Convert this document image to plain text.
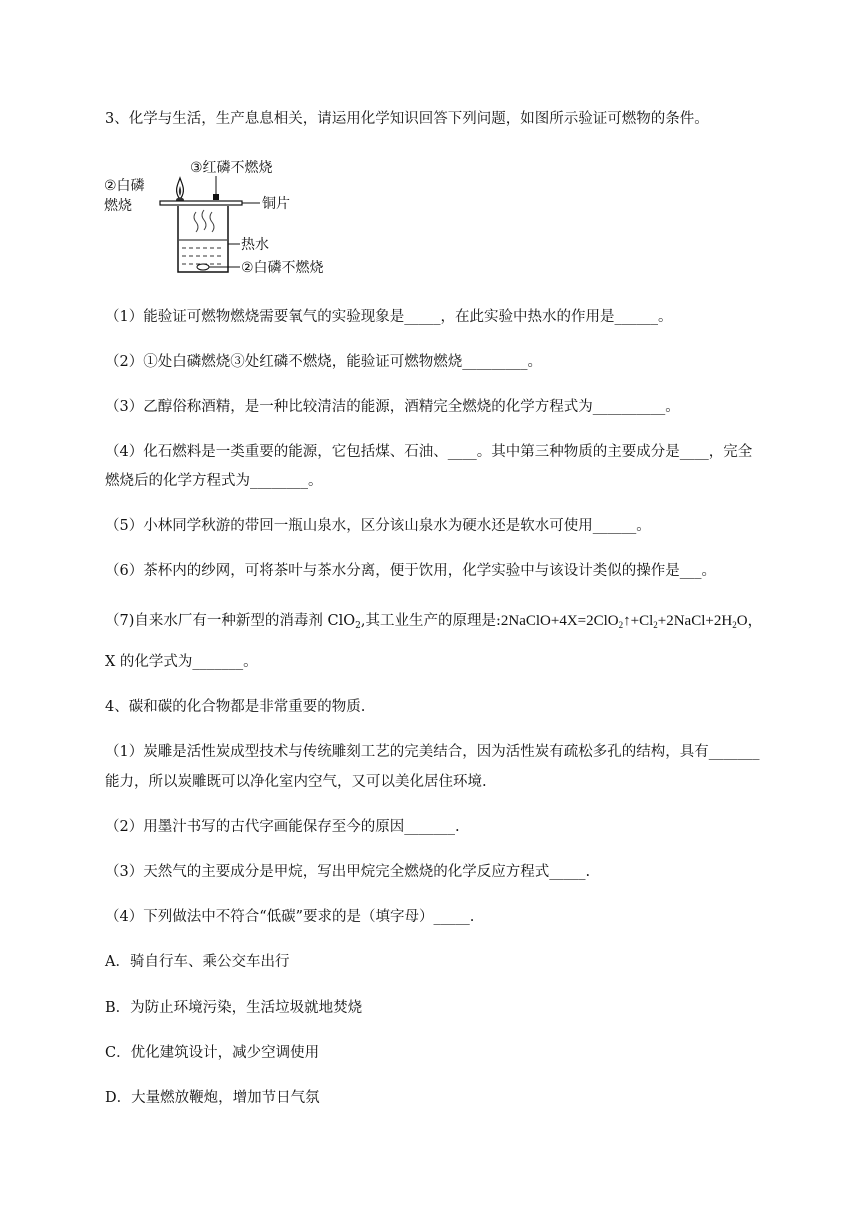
3、化学与生活，生产息息相关，请运用化学知识回答下列问题，如图所示验证可燃物的条件。
③红磷不燃烧
②白磷
燃烧	铜片
热水
②白磷不燃烧
（1）能验证可燃物燃烧需要氧气的实验现象是_____，在此实验中热水的作用是______。
（2）①处白磷燃烧③处红磷不燃烧，能验证可燃物燃烧_________。
（3）乙醇俗称酒精，是一种比较清洁的能源，酒精完全燃烧的化学方程式为__________。
（4）化石燃料是一类重要的能源，它包括煤、石油、____。其中第三种物质的主要成分是____，完全
燃烧后的化学方程式为________。
（5）小林同学秋游的带回一瓶山泉水，区分该山泉水为硬水还是软水可使用______。
（6）茶杯内的纱网，可将茶叶与茶水分离，便于饮用，化学实验中与该设计类似的操作是___。
（7)自来水厂有一种新型的消毒剂 ClO$_2$,其工业生产的原理是$:2NaClO+4X=2ClO_2↑+Cl_2+2NaCl+2H_2O$，
X 的化学式为_______。
4、碳和碳的化合物都是非常重要的物质.
（1）炭雕是活性炭成型技术与传统雕刻工艺的完美结合，因为活性炭有疏松多孔的结构，具有_______
能力，所以炭雕既可以净化室内空气，又可以美化居住环境.
（2）用墨汁书写的古代字画能保存至今的原因_______.
（3）天然气的主要成分是甲烷，写出甲烷完全燃烧的化学反应方程式_____.
（4）下列做法中不符合“低碳”要求的是（填字母）_____.
A．骑自行车、乘公交车出行
B．为防止环境污染，生活垃圾就地焚烧
C．优化建筑设计，减少空调使用
D．大量燃放鞭炮，增加节日气氛
